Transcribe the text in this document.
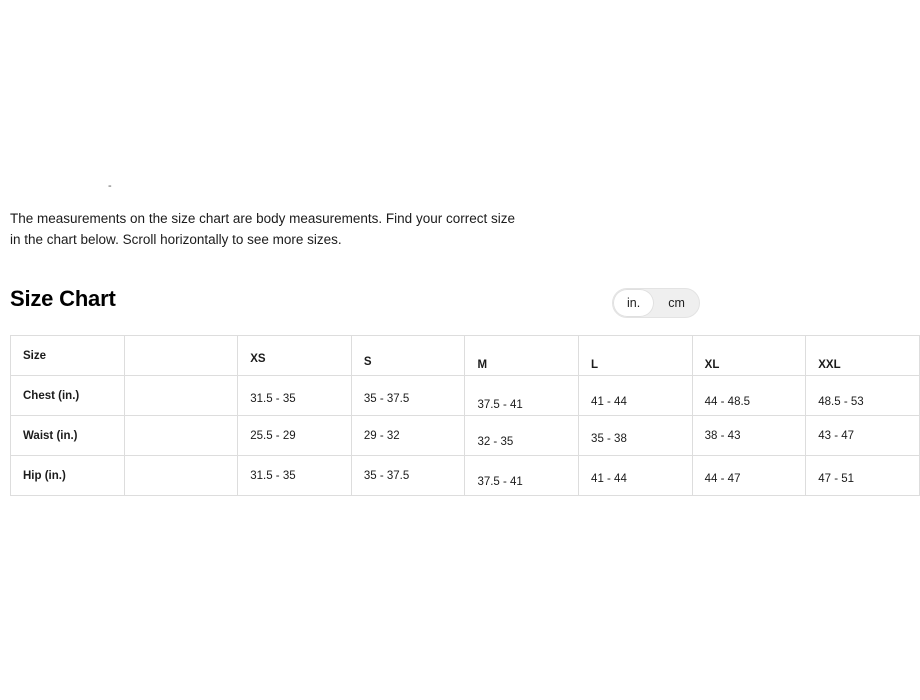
-
The measurements on the size chart are body measurements. Find your correct size
in the chart below. Scroll horizontally to see more sizes.
Size Chart	in.	cm
Size		XS	S	M	L	XL	XXL
Chest (in.)		31.5 - 35	35 - 37.5	37.5 - 41	41 - 44	44 - 48.5	48.5 - 53
Waist (in.)		25.5 - 29	29 - 32	32 - 35	35 - 38	38 - 43	43 - 47
Hip (in.)		31.5 - 35	35 - 37.5	37.5 - 41	41 - 44	44 - 47	47 - 51
